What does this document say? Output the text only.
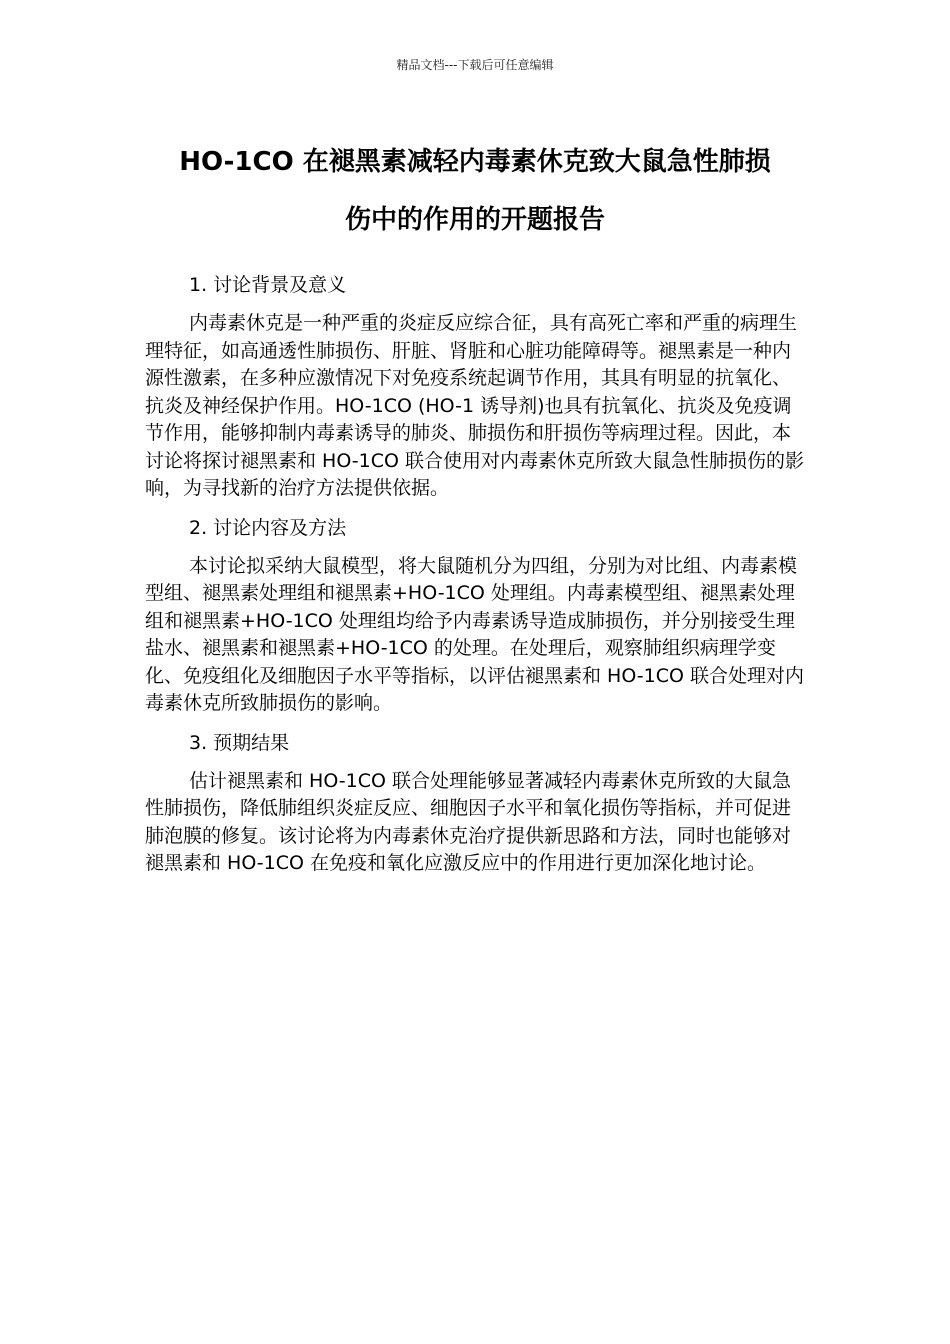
精品文档---下载后可任意编辑
HO-1CO 在褪黑素减轻内毒素休克致大鼠急性肺损
伤中的作用的开题报告
1. 讨论背景及意义

内毒素休克是一种严重的炎症反应综合征，具有高死亡率和严重的病理生理特征，如高通透性肺损伤、肝脏、肾脏和心脏功能障碍等。褪黑素是一种内源性激素，在多种应激情况下对免疫系统起调节作用，其具有明显的抗氧化、抗炎及神经保护作用。HO-1CO (HO-1 诱导剂)也具有抗氧化、抗炎及免疫调节作用，能够抑制内毒素诱导的肺炎、肺损伤和肝损伤等病理过程。因此，本讨论将探讨褪黑素和 HO-1CO 联合使用对内毒素休克所致大鼠急性肺损伤的影响，为寻找新的治疗方法提供依据。

2. 讨论内容及方法

本讨论拟采纳大鼠模型，将大鼠随机分为四组，分别为对比组、内毒素模型组、褪黑素处理组和褪黑素+HO-1CO 处理组。内毒素模型组、褪黑素处理组和褪黑素+HO-1CO 处理组均给予内毒素诱导造成肺损伤，并分别接受生理盐水、褪黑素和褪黑素+HO-1CO 的处理。在处理后，观察肺组织病理学变化、免疫组化及细胞因子水平等指标，以评估褪黑素和 HO-1CO 联合处理对内毒素休克所致肺损伤的影响。

3. 预期结果

估计褪黑素和 HO-1CO 联合处理能够显著减轻内毒素休克所致的大鼠急性肺损伤，降低肺组织炎症反应、细胞因子水平和氧化损伤等指标，并可促进肺泡膜的修复。该讨论将为内毒素休克治疗提供新思路和方法，同时也能够对褪黑素和 HO-1CO 在免疫和氧化应激反应中的作用进行更加深化地讨论。
